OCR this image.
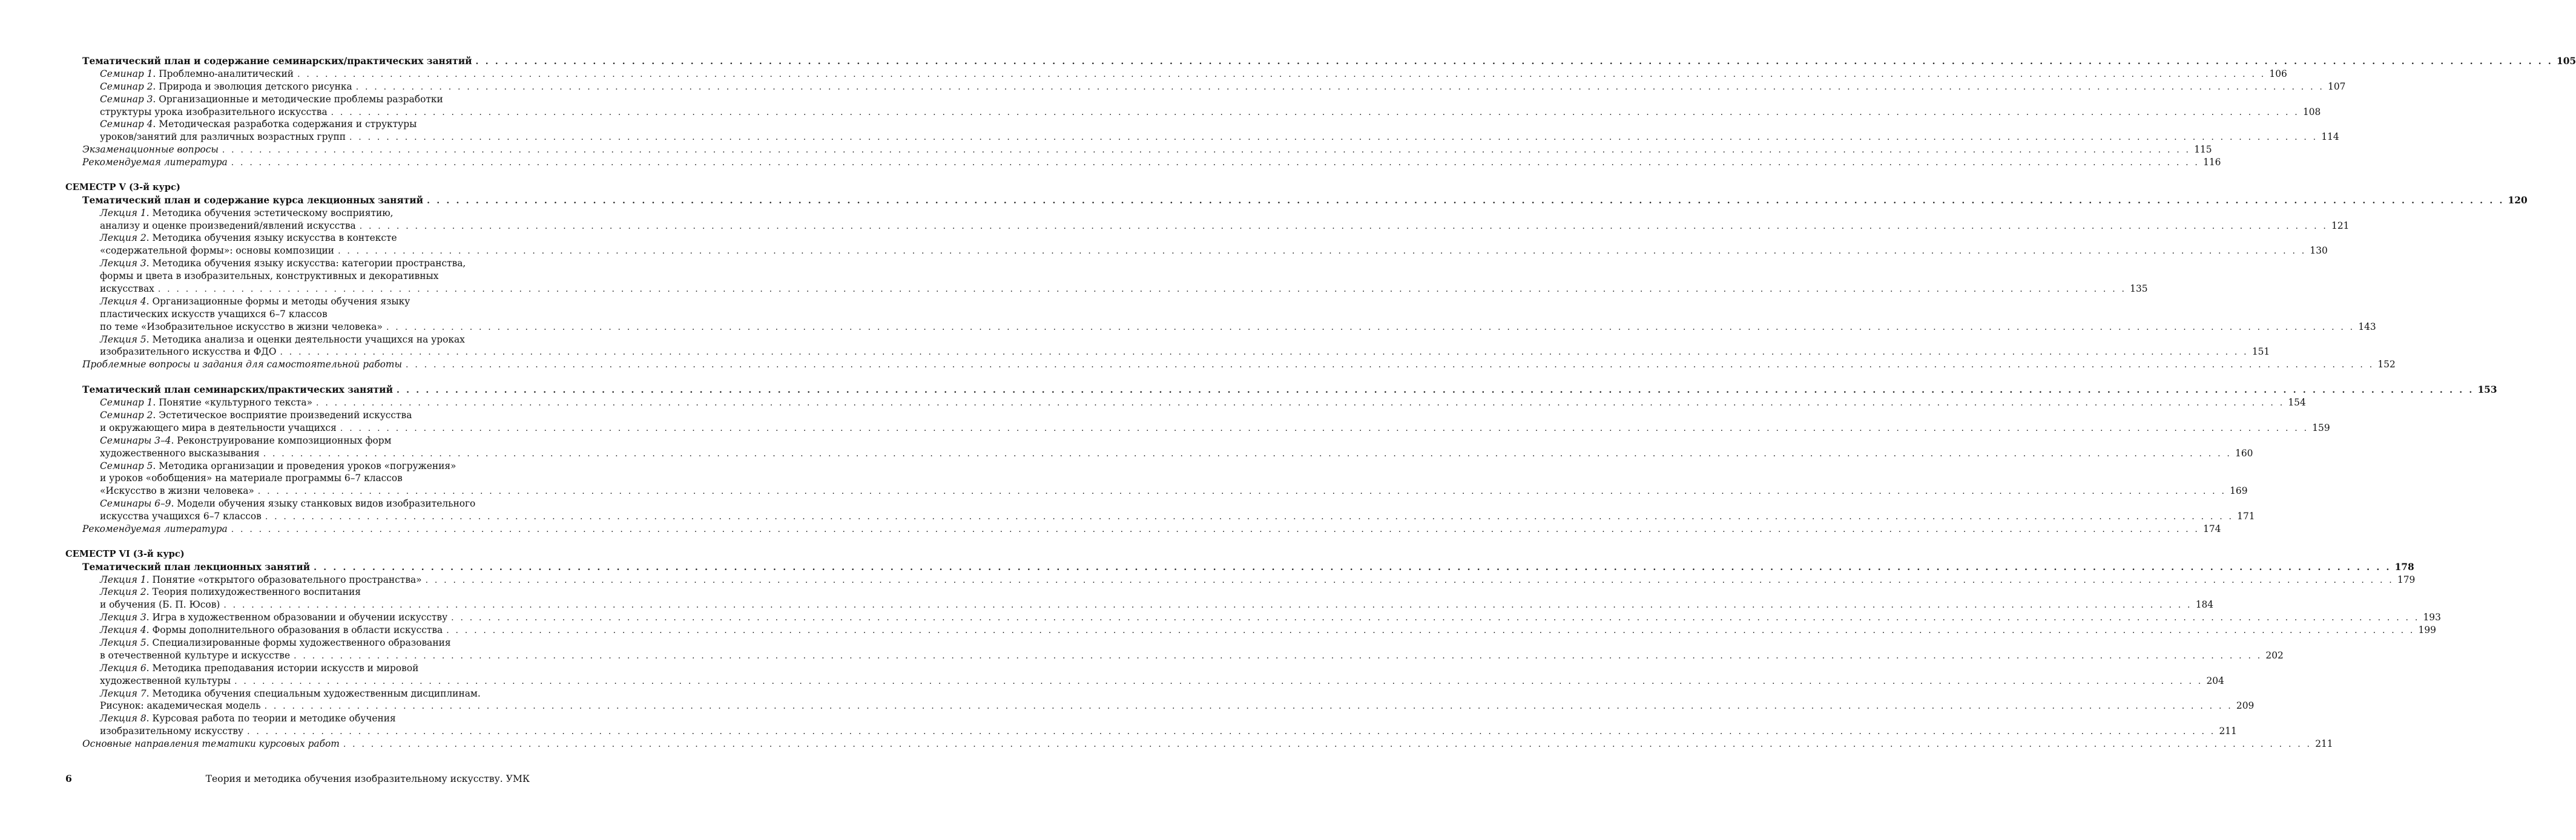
Тематический план и содержание семинарских/практических занятий . . .	105
Семинар 1. Проблемно-аналитический . . .	106
Семинар 2. Природа и эволюция детского рисунка . . .	107
Семинар 3. Организационные и методические проблемы разработки
структуры урока изобразительного искусства . . .	108
Семинар 4. Методическая разработка содержания и структуры
уроков/занятий для различных возрастных групп . . .	114
Экзаменационные вопросы . . .	115
Рекомендуемая литература . . .	116
СЕМЕСТР V (3-й курс)
Тематический план и содержание курса лекционных занятий . . .	120
Лекция 1. Методика обучения эстетическому восприятию,
анализу и оценке произведений/явлений искусства . . .	121
Лекция 2. Методика обучения языку искусства в контексте
«содержательной формы»: основы композиции . . .	130
Лекция 3. Методика обучения языку искусства: категории пространства,
формы и цвета в изобразительных, конструктивных и декоративных
искусствах . . .	135
Лекция 4. Организационные формы и методы обучения языку
пластических искусств учащихся 6–7 классов
по теме «Изобразительное искусство в жизни человека» . . .	143
Лекция 5. Методика анализа и оценки деятельности учащихся на уроках
изобразительного искусства и ФДО . . .	151
Проблемные вопросы и задания для самостоятельной работы . . .	152
Тематический план семинарских/практических занятий . . .	153
Семинар 1. Понятие «культурного текста» . . .	154
Семинар 2. Эстетическое восприятие произведений искусства
и окружающего мира в деятельности учащихся . . .	159
Семинары 3–4. Реконструирование композиционных форм
художественного высказывания . . .	160
Семинар 5. Методика организации и проведения уроков «погружения»
и уроков «обобщения» на материале программы 6–7 классов
«Искусство в жизни человека» . . .	169
Семинары 6–9. Модели обучения языку станковых видов изобразительного
искусства учащихся 6–7 классов . . .	171
Рекомендуемая литература . . .	174
СЕМЕСТР VI (3-й курс)
Тематический план лекционных занятий . . .	178
Лекция 1. Понятие «открытого образовательного пространства» . . .	179
Лекция 2. Теория полихудожественного воспитания
и обучения (Б. П. Юсов) . . .	184
Лекция 3. Игра в художественном образовании и обучении искусству . . .	193
Лекция 4. Формы дополнительного образования в области искусства . . .	199
Лекция 5. Специализированные формы художественного образования
в отечественной культуре и искусстве . . .	202
Лекция 6. Методика преподавания истории искусств и мировой
художественной культуры . . .	204
Лекция 7. Методика обучения специальным художественным дисциплинам.
Рисунок: академическая модель . . .	209
Лекция 8. Курсовая работа по теории и методике обучения
изобразительному искусству . . .	211
Основные направления тематики курсовых работ . . .	211
6	Теория и методика обучения изобразительному искусству. УМК
